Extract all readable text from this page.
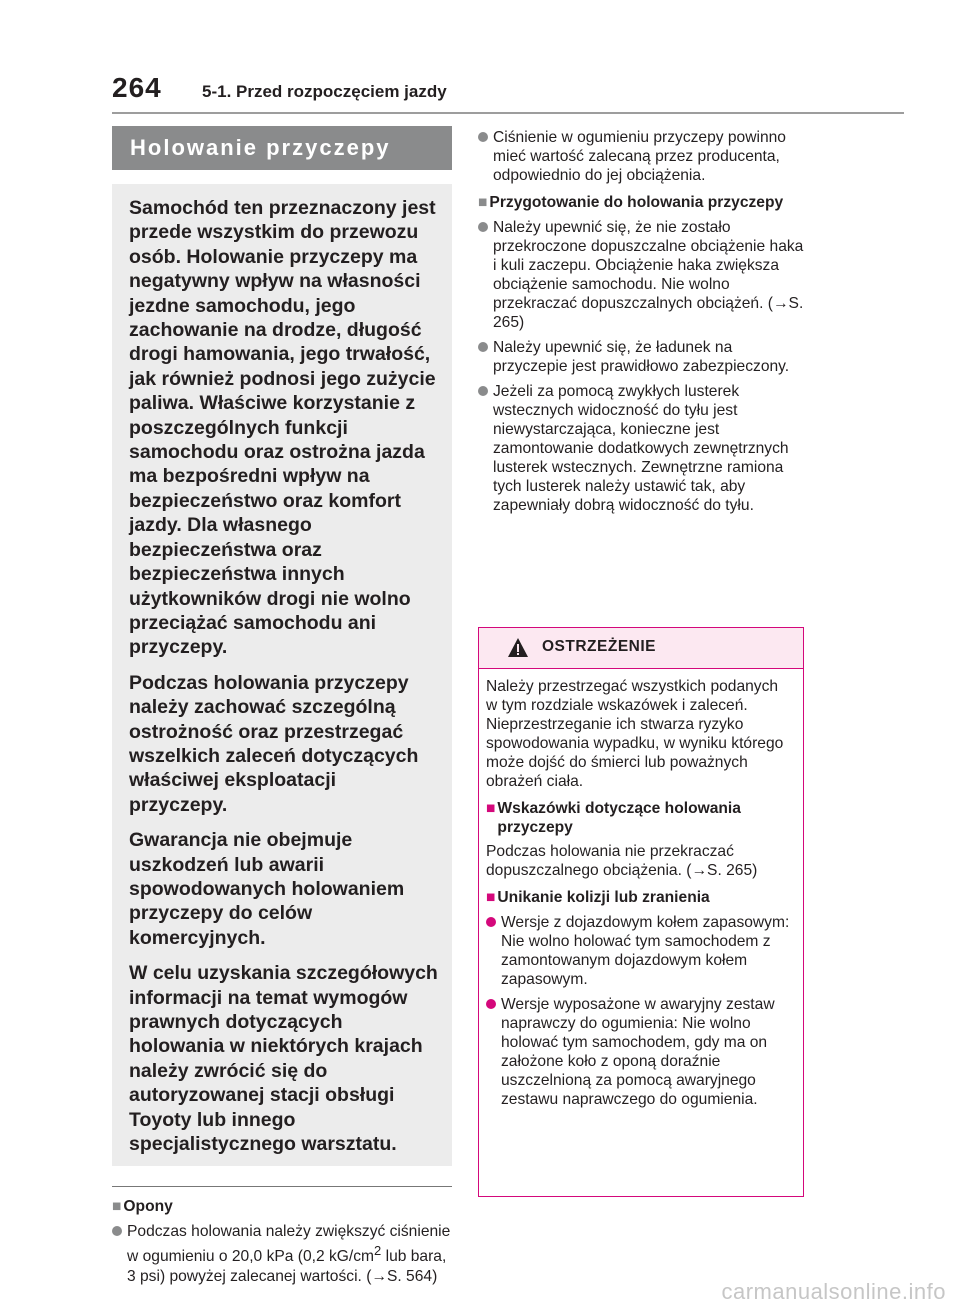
264 5-1. Przed rozpoczęciem jazdy
Holowanie przyczepy

Samochód ten przeznaczony jest przede wszystkim do przewozu osób. Holowanie przyczepy ma negatywny wpływ na własności jezdne samochodu, jego zachowanie na drodze, długość drogi hamowania, jego trwałość, jak również podnosi jego zużycie paliwa. Właściwe korzystanie z poszczególnych funkcji samochodu oraz ostrożna jazda ma bezpośredni wpływ na bezpieczeństwo oraz komfort jazdy. Dla własnego bezpieczeństwa oraz bezpieczeństwa innych użytkowników drogi nie wolno przeciążać samochodu ani przyczepy.

Podczas holowania przyczepy należy zachować szczególną ostrożność oraz przestrzegać wszelkich zaleceń dotyczących właściwej eksploatacji przyczepy.

Gwarancja nie obejmuje uszkodzeń lub awarii spowodowanych holowaniem przyczepy do celów komercyjnych.

W celu uzyskania szczegółowych informacji na temat wymogów prawnych dotyczących holowania w niektórych krajach należy zwrócić się do autoryzowanej stacji obsługi Toyoty lub innego specjalistycznego warsztatu.

■ Opony
Podczas holowania należy zwiększyć ciśnienie w ogumieniu o 20,0 kPa (0,2 $kG/cm^2$ lub bara, 3 psi) powyżej zalecanej wartości. (→S. 564)
Ciśnienie w ogumieniu przyczepy powinno mieć wartość zalecaną przez producenta, odpowiednio do jej obciążenia.
■ Przygotowanie do holowania przyczepy
Należy upewnić się, że nie zostało przekroczone dopuszczalne obciążenie haka i kuli zaczepu. Obciążenie haka zwiększa obciążenie samochodu. Nie wolno przekraczać dopuszczalnych obciążeń. (→S. 265)
Należy upewnić się, że ładunek na przyczepie jest prawidłowo zabezpieczony.
Jeżeli za pomocą zwykłych lusterek wstecznych widoczność do tyłu jest niewystarczająca, konieczne jest zamontowanie dodatkowych zewnętrznych lusterek wstecznych. Zewnętrzne ramiona tych lusterek należy ustawić tak, aby zapewniały dobrą widoczność do tyłu.
OSTRZEŻENIE
Należy przestrzegać wszystkich podanych w tym rozdziale wskazówek i zaleceń.
Nieprzestrzeganie ich stwarza ryzyko spowodowania wypadku, w wyniku którego może dojść do śmierci lub poważnych obrażeń ciała.
■ Wskazówki dotyczące holowania przyczepy
Podczas holowania nie przekraczać dopuszczalnego obciążenia. (→S. 265)
■ Unikanie kolizji lub zranienia
Wersje z dojazdowym kołem zapasowym: Nie wolno holować tym samochodem z zamontowanym dojazdowym kołem zapasowym.
Wersje wyposażone w awaryjny zestaw naprawczy do ogumienia: Nie wolno holować tym samochodem, gdy ma on założone koło z oponą doraźnie uszczelnioną za pomocą awaryjnego zestawu naprawczego do ogumienia.
carmanualsonline.info
